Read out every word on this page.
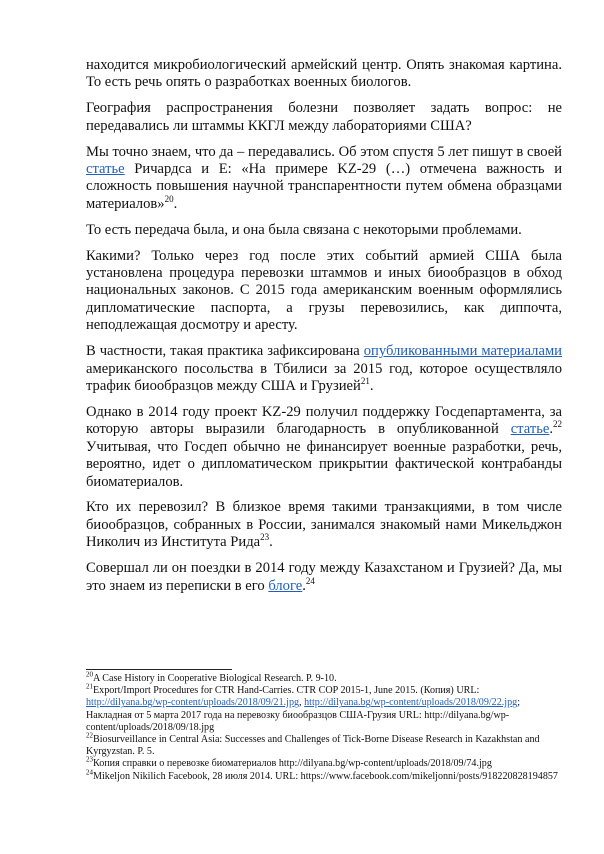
находится микробиологический армейский центр. Опять знакомая картина. То есть речь опять о разработках военных биологов.

География распространения болезни позволяет задать вопрос: не передавались ли штаммы ККГЛ между лабораториями США?

Мы точно знаем, что да – передавались. Об этом спустя 5 лет пишут в своей статье Ричардса и Е: «На примере KZ-29 (…) отмечена важность и сложность повышения научной транспарентности путем обмена образцами материалов»$^{20}$.

То есть передача была, и она была связана с некоторыми проблемами.

Какими? Только через год после этих событий армией США была установлена процедура перевозки штаммов и иных биообразцов в обход национальных законов. С 2015 года американским военным оформлялись дипломатические паспорта, а грузы перевозились, как диппочта, неподлежащая досмотру и аресту.

В частности, такая практика зафиксирована опубликованными материалами американского посольства в Тбилиси за 2015 год, которое осуществляло трафик биообразцов между США и Грузией$^{21}$.

Однако в 2014 году проект KZ-29 получил поддержку Госдепартамента, за которую авторы выразили благодарность в опубликованной статье.$^{22}$ Учитывая, что Госдеп обычно не финансирует военные разработки, речь, вероятно, идет о дипломатическом прикрытии фактической контрабанды биоматериалов.

Кто их перевозил? В близкое время такими транзакциями, в том числе биообразцов, собранных в России, занимался знакомый нами Микельджон Николич из Института Рида$^{23}$.

Совершал ли он поездки в 2014 году между Казахстаном и Грузией? Да, мы это знаем из переписки в его блоге.$^{24}$

$^{20}$A Case History in Cooperative Biological Research. P. 9-10.
$^{21}$Export/Import Procedures for CTR Hand-Carries. CTR COP 2015-1, June 2015. (Копия) URL: http://dilyana.bg/wp-content/uploads/2018/09/21.jpg, http://dilyana.bg/wp-content/uploads/2018/09/22.jpg; Накладная от 5 марта 2017 года на перевозку биообразцов США-Грузия URL: http://dilyana.bg/wp-content/uploads/2018/09/18.jpg
$^{22}$Biosurveillance in Central Asia: Successes and Challenges of Tick-Borne Disease Research in Kazakhstan and Kyrgyzstan. P. 5.
$^{23}$Копия справки о перевозке биоматериалов http://dilyana.bg/wp-content/uploads/2018/09/74.jpg
$^{24}$Mikeljon Nikilich Facebook, 28 июля 2014. URL: https://www.facebook.com/mikeljonni/posts/918220828194857
